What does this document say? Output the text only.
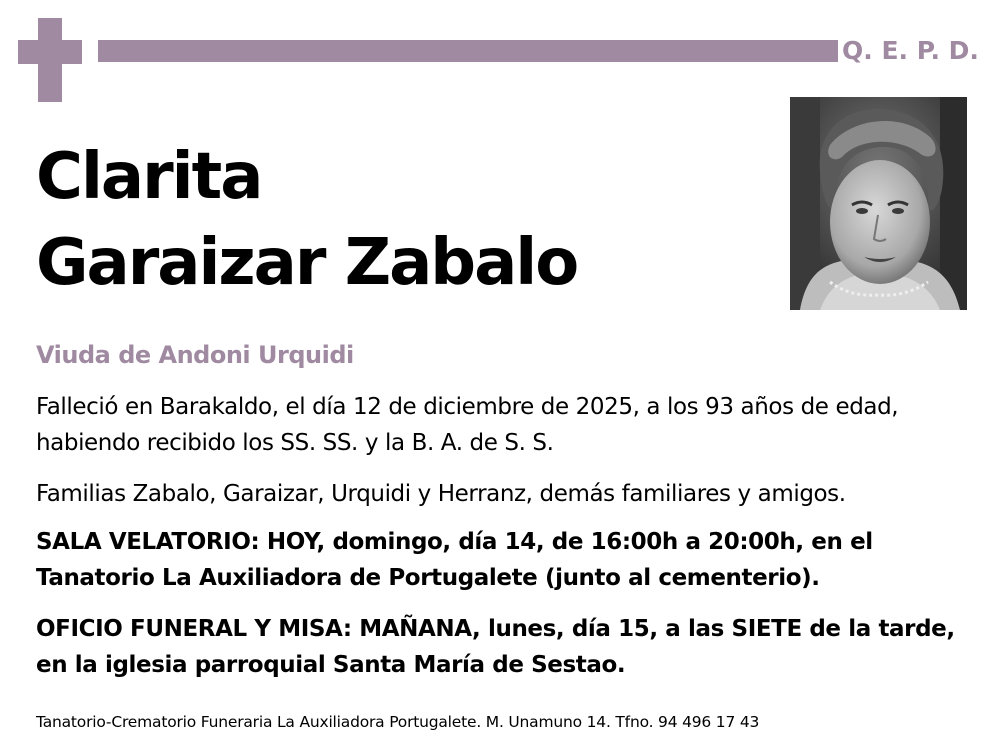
Q. E. P. D.
Clarita
Garaizar Zabalo
Viuda de Andoni Urquidi
Falleció en Barakaldo, el día 12 de diciembre de 2025, a los 93 años de edad, habiendo recibido los SS. SS. y la B. A. de S. S.
Familias Zabalo, Garaizar, Urquidi y Herranz, demás familiares y amigos.
SALA VELATORIO: HOY, domingo, día 14, de 16:00h a 20:00h, en el Tanatorio La Auxiliadora de Portugalete (junto al cementerio).
OFICIO FUNERAL Y MISA: MAÑANA, lunes, día 15, a las SIETE de la tarde, en la iglesia parroquial Santa María de Sestao.
Tanatorio-Crematorio Funeraria La Auxiliadora Portugalete. M. Unamuno 14. Tfno. 94 496 17 43
